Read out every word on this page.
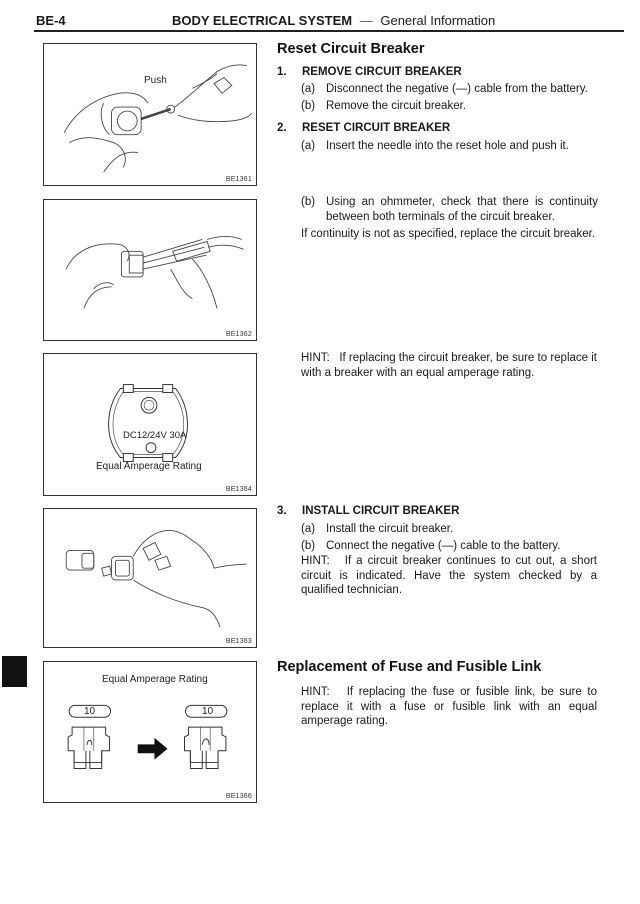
BE-4	BODY ELECTRICAL SYSTEM — General Information
Push
BE1361
BE1362
DC12/24V 30A
Equal Amperage Rating
BE1364
BE1363
Equal Amperage Rating
10	10
BE1366
Reset Circuit Breaker
1. REMOVE CIRCUIT BREAKER
(a) Disconnect the negative (—) cable from the battery.
(b) Remove the circuit breaker.
2. RESET CIRCUIT BREAKER
(a) Insert the needle into the reset hole and push it.
(b) Using an ohmmeter, check that there is continuity between both terminals of the circuit breaker.
If continuity is not as specified, replace the circuit breaker.
HINT:   If replacing the circuit breaker, be sure to replace it with a breaker with an equal amperage rating.
3. INSTALL CIRCUIT BREAKER
(a) Install the circuit breaker.
(b) Connect the negative (—) cable to the battery.
HINT:   If a circuit breaker continues to cut out, a short circuit is indicated. Have the system checked by a qualified technician.
Replacement of Fuse and Fusible Link
HINT:   If replacing the fuse or fusible link, be sure to replace it with a fuse or fusible link with an equal amperage rating.
